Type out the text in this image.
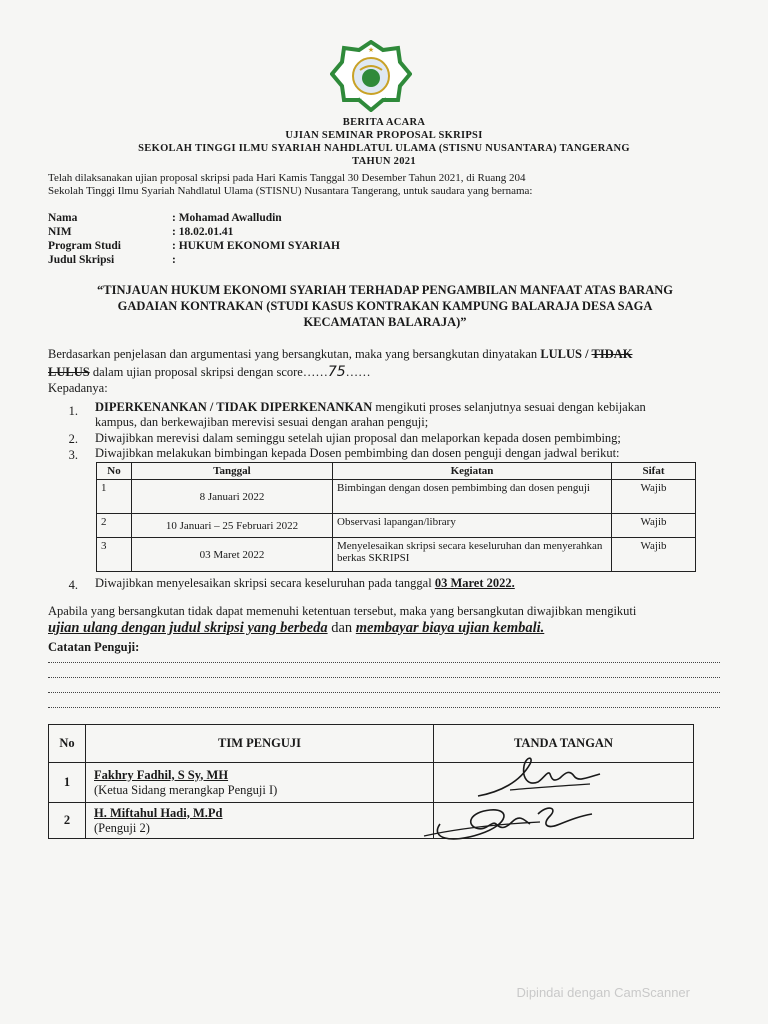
★
★	★
BERITA ACARA
UJIAN SEMINAR PROPOSAL SKRIPSI
SEKOLAH TINGGI ILMU SYARIAH NAHDLATUL ULAMA (STISNU NUSANTARA) TANGERANG
TAHUN 2021
Telah dilaksanakan ujian proposal skripsi pada Hari Kamis Tanggal 30 Desember Tahun 2021, di Ruang 204
Sekolah Tinggi Ilmu Syariah Nahdlatul Ulama (STISNU) Nusantara Tangerang, untuk saudara yang bernama:
Nama	: Mohamad Awalludin
NIM	: 18.02.01.41
Program Studi	: HUKUM EKONOMI SYARIAH
Judul Skripsi	:
“TINJAUAN HUKUM EKONOMI SYARIAH TERHADAP PENGAMBILAN MANFAAT ATAS BARANG
GADAIAN KONTRAKAN (STUDI KASUS KONTRAKAN KAMPUNG BALARAJA DESA SAGA
KECAMATAN BALARAJA)”
Berdasarkan penjelasan dan argumentasi yang bersangkutan, maka yang bersangkutan dinyatakan LULUS / TIDAK
LULUS dalam ujian proposal skripsi dengan score……75……
Kepadanya:
1. DIPERKENANKAN / TIDAK DIPERKENANKAN mengikuti proses selanjutnya sesuai dengan kebijakan
kampus, dan berkewajiban merevisi sesuai dengan arahan penguji;
2. Diwajibkan merevisi dalam seminggu setelah ujian proposal dan melaporkan kepada dosen pembimbing;
3. Diwajibkan melakukan bimbingan kepada Dosen pembimbing dan dosen penguji dengan jadwal berikut:
No	Tanggal	Kegiatan	Sifat
1	8 Januari 2022	Bimbingan dengan dosen pembimbing dan dosen penguji	Wajib
2	10 Januari – 25 Februari 2022	Observasi lapangan/library	Wajib
3	03 Maret 2022	Menyelesaikan skripsi secara keseluruhan dan menyerahkan berkas SKRIPSI	Wajib
4. Diwajibkan menyelesaikan skripsi secara keseluruhan pada tanggal 03 Maret 2022.
Apabila yang bersangkutan tidak dapat memenuhi ketentuan tersebut, maka yang bersangkutan diwajibkan mengikuti
ujian ulang dengan judul skripsi yang berbeda dan membayar biaya ujian kembali.
Catatan Penguji:
No	TIM PENGUJI	TANDA TANGAN
1	Fakhry Fadhil, S Sy, MH
(Ketua Sidang merangkap Penguji I)	

2	H. Miftahul Hadi, M.Pd
(Penguji 2)	

Dipindai dengan CamScanner
